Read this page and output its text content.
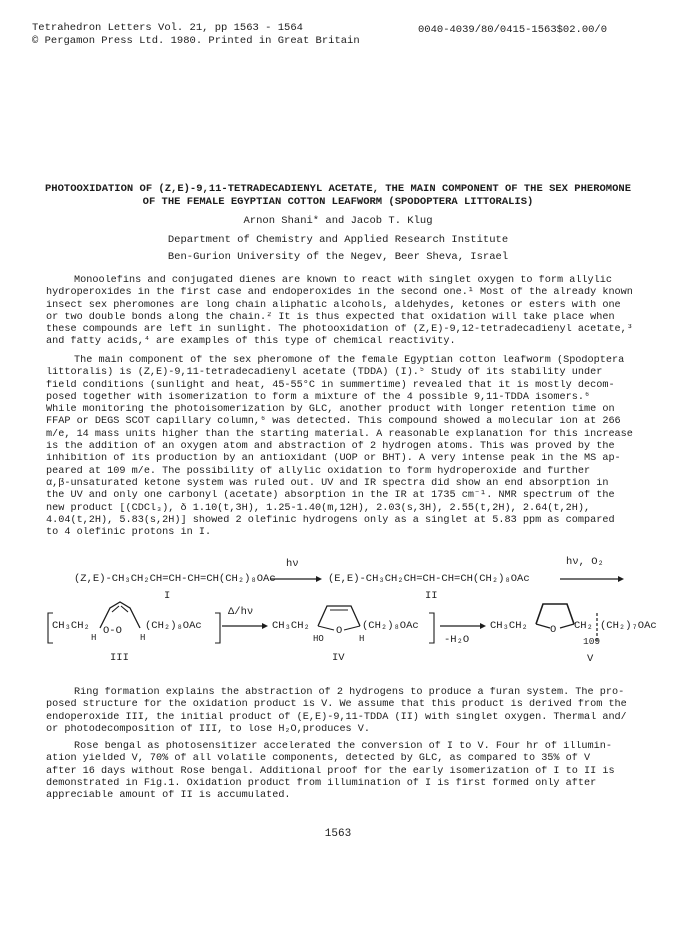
Tetrahedron Letters Vol. 21, pp 1563 - 1564
© Pergamon Press Ltd. 1980. Printed in Great Britain
0040-4039/80/0415-1563$02.00/0
PHOTOOXIDATION OF (Z,E)-9,11-TETRADECADIENYL ACETATE, THE MAIN COMPONENT OF THE SEX PHEROMONE
OF THE FEMALE EGYPTIAN COTTON LEAFWORM (SPODOPTERA LITTORALIS)
Arnon Shani* and Jacob T. Klug
Department of Chemistry and Applied Research Institute
Ben-Gurion University of the Negev, Beer Sheva, Israel
Monoolefins and conjugated dienes are known to react with singlet oxygen to form allylic
hydroperoxides in the first case and endoperoxides in the second one.¹ Most of the already known
insect sex pheromones are long chain aliphatic alcohols, aldehydes, ketones or esters with one
or two double bonds along the chain.² It is thus expected that oxidation will take place when
these compounds are left in sunlight. The photooxidation of (Z,E)-9,12-tetradecadienyl acetate,³
and fatty acids,⁴ are examples of this type of chemical reactivity.
The main component of the sex pheromone of the female Egyptian cotton leafworm (Spodoptera
littoralis) is (Z,E)-9,11-tetradecadienyl acetate (TDDA) (I).⁵ Study of its stability under
field conditions (sunlight and heat, 45-55°C in summertime) revealed that it is mostly decom-
posed together with isomerization to form a mixture of the 4 possible 9,11-TDDA isomers.⁶
While monitoring the photoisomerization by GLC, another product with longer retention time on
FFAP or DEGS SCOT capillary column,⁶ was detected. This compound showed a molecular ion at 266
m/e, 14 mass units higher than the starting material. A reasonable explanation for this increase
is the addition of an oxygen atom and abstraction of 2 hydrogen atoms. This was proved by the
inhibition of its production by an antioxidant (UOP or BHT). A very intense peak in the MS ap-
peared at 109 m/e. The possibility of allylic oxidation to form hydroperoxide and further
α,β-unsaturated ketone system was ruled out. UV and IR spectra did show an end absorption in
the UV and only one carbonyl (acetate) absorption in the IR at 1735 cm⁻¹. NMR spectrum of the
new product [(CDCl₃), δ 1.10(t,3H), 1.25-1.40(m,12H), 2.03(s,3H), 2.55(t,2H), 2.64(t,2H),
4.04(t,2H), 5.83(s,2H)] showed 2 olefinic hydrogens only as a singlet at 5.83 ppm as compared
to 4 olefinic protons in I.
(Z,E)-CH₃CH₂CH=CH-CH=CH(CH₂)₈OAc
I
hν
(E,E)-CH₃CH₂CH=CH-CH=CH(CH₂)₈OAc
II
hν, O₂
CH₃CH₂ O-O
H	H
(CH₂)₈OAc
III
Δ/hν
CH₃CH₂ O
HO	H
(CH₂)₈OAc
IV
-H₂O
CH₃CH₂ O CH₂ (CH₂)₇OAc
109
V
Ring formation explains the abstraction of 2 hydrogens to produce a furan system. The pro-
posed structure for the oxidation product is V. We assume that this product is derived from the
endoperoxide III, the initial product of (E,E)-9,11-TDDA (II) with singlet oxygen. Thermal and/
or photodecomposition of III, to lose H₂O,produces V.
Rose bengal as photosensitizer accelerated the conversion of I to V. Four hr of illumin-
ation yielded V, 70% of all volatile components, detected by GLC, as compared to 35% of V
after 16 days without Rose bengal. Additional proof for the early isomerization of I to II is
demonstrated in Fig.1. Oxidation product from illumination of I is first formed only after
appreciable amount of II is accumulated.
1563
